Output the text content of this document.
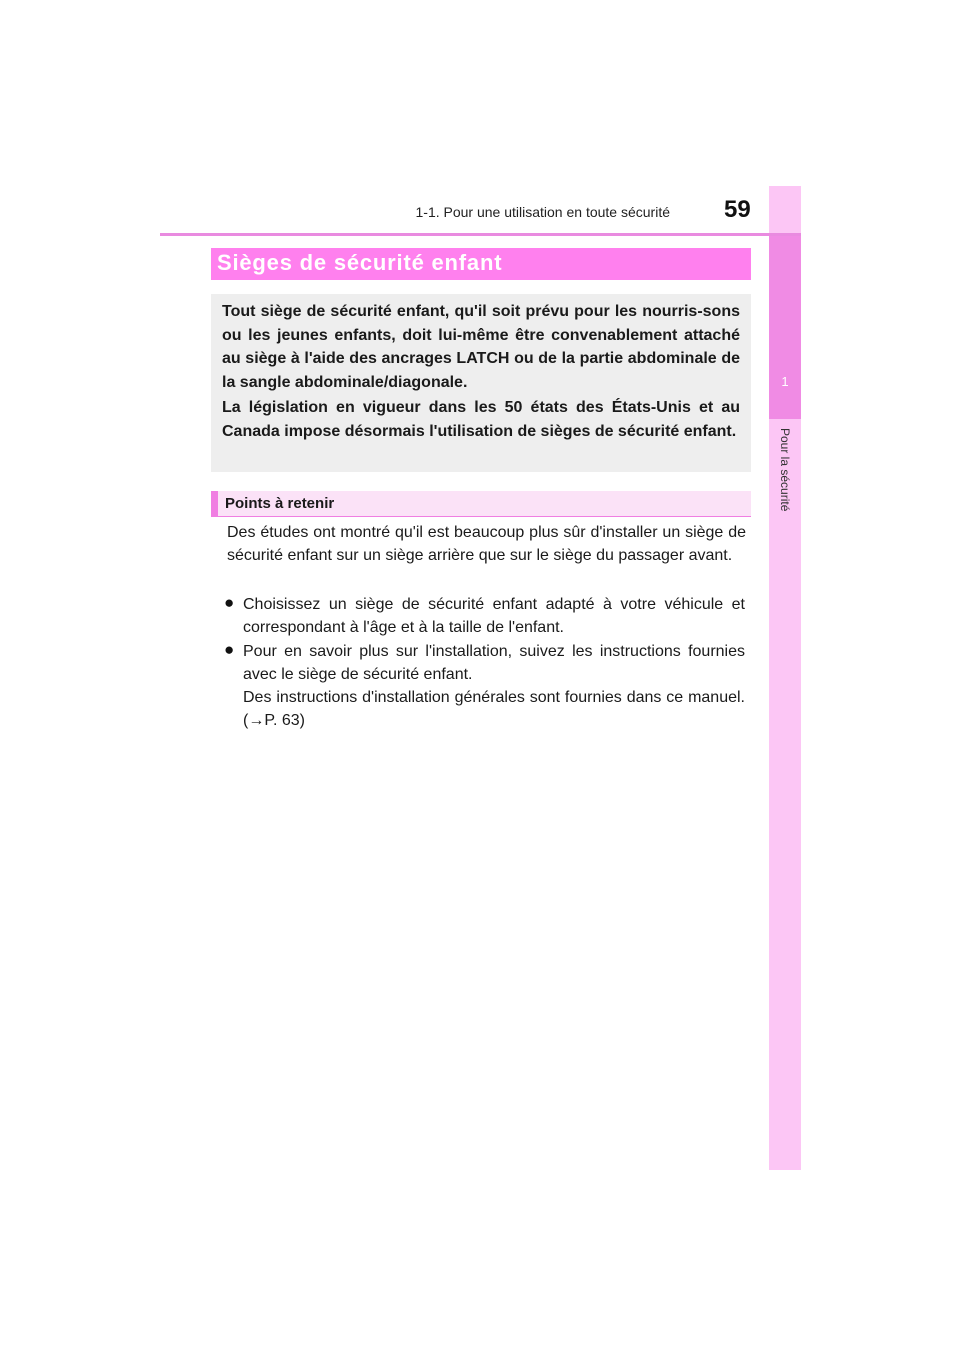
1
Pour la sécurité
1-1. Pour une utilisation en toute sécurité 59
Sièges de sécurité enfant
Tout siège de sécurité enfant, qu'il soit prévu pour les nourris-sons ou les jeunes enfants, doit lui-même être convenablement attaché au siège à l'aide des ancrages LATCH ou de la partie abdominale de la sangle abdominale/diagonale.
La législation en vigueur dans les 50 états des États-Unis et au Canada impose désormais l'utilisation de sièges de sécurité enfant.
Points à retenir
Des études ont montré qu'il est beaucoup plus sûr d'installer un siège de sécurité enfant sur un siège arrière que sur le siège du passager avant.
● Choisissez un siège de sécurité enfant adapté à votre véhicule et correspondant à l'âge et à la taille de l'enfant.
● Pour en savoir plus sur l'installation, suivez les instructions fournies avec le siège de sécurité enfant.
Des instructions d'installation générales sont fournies dans ce manuel. (→P. 63)
